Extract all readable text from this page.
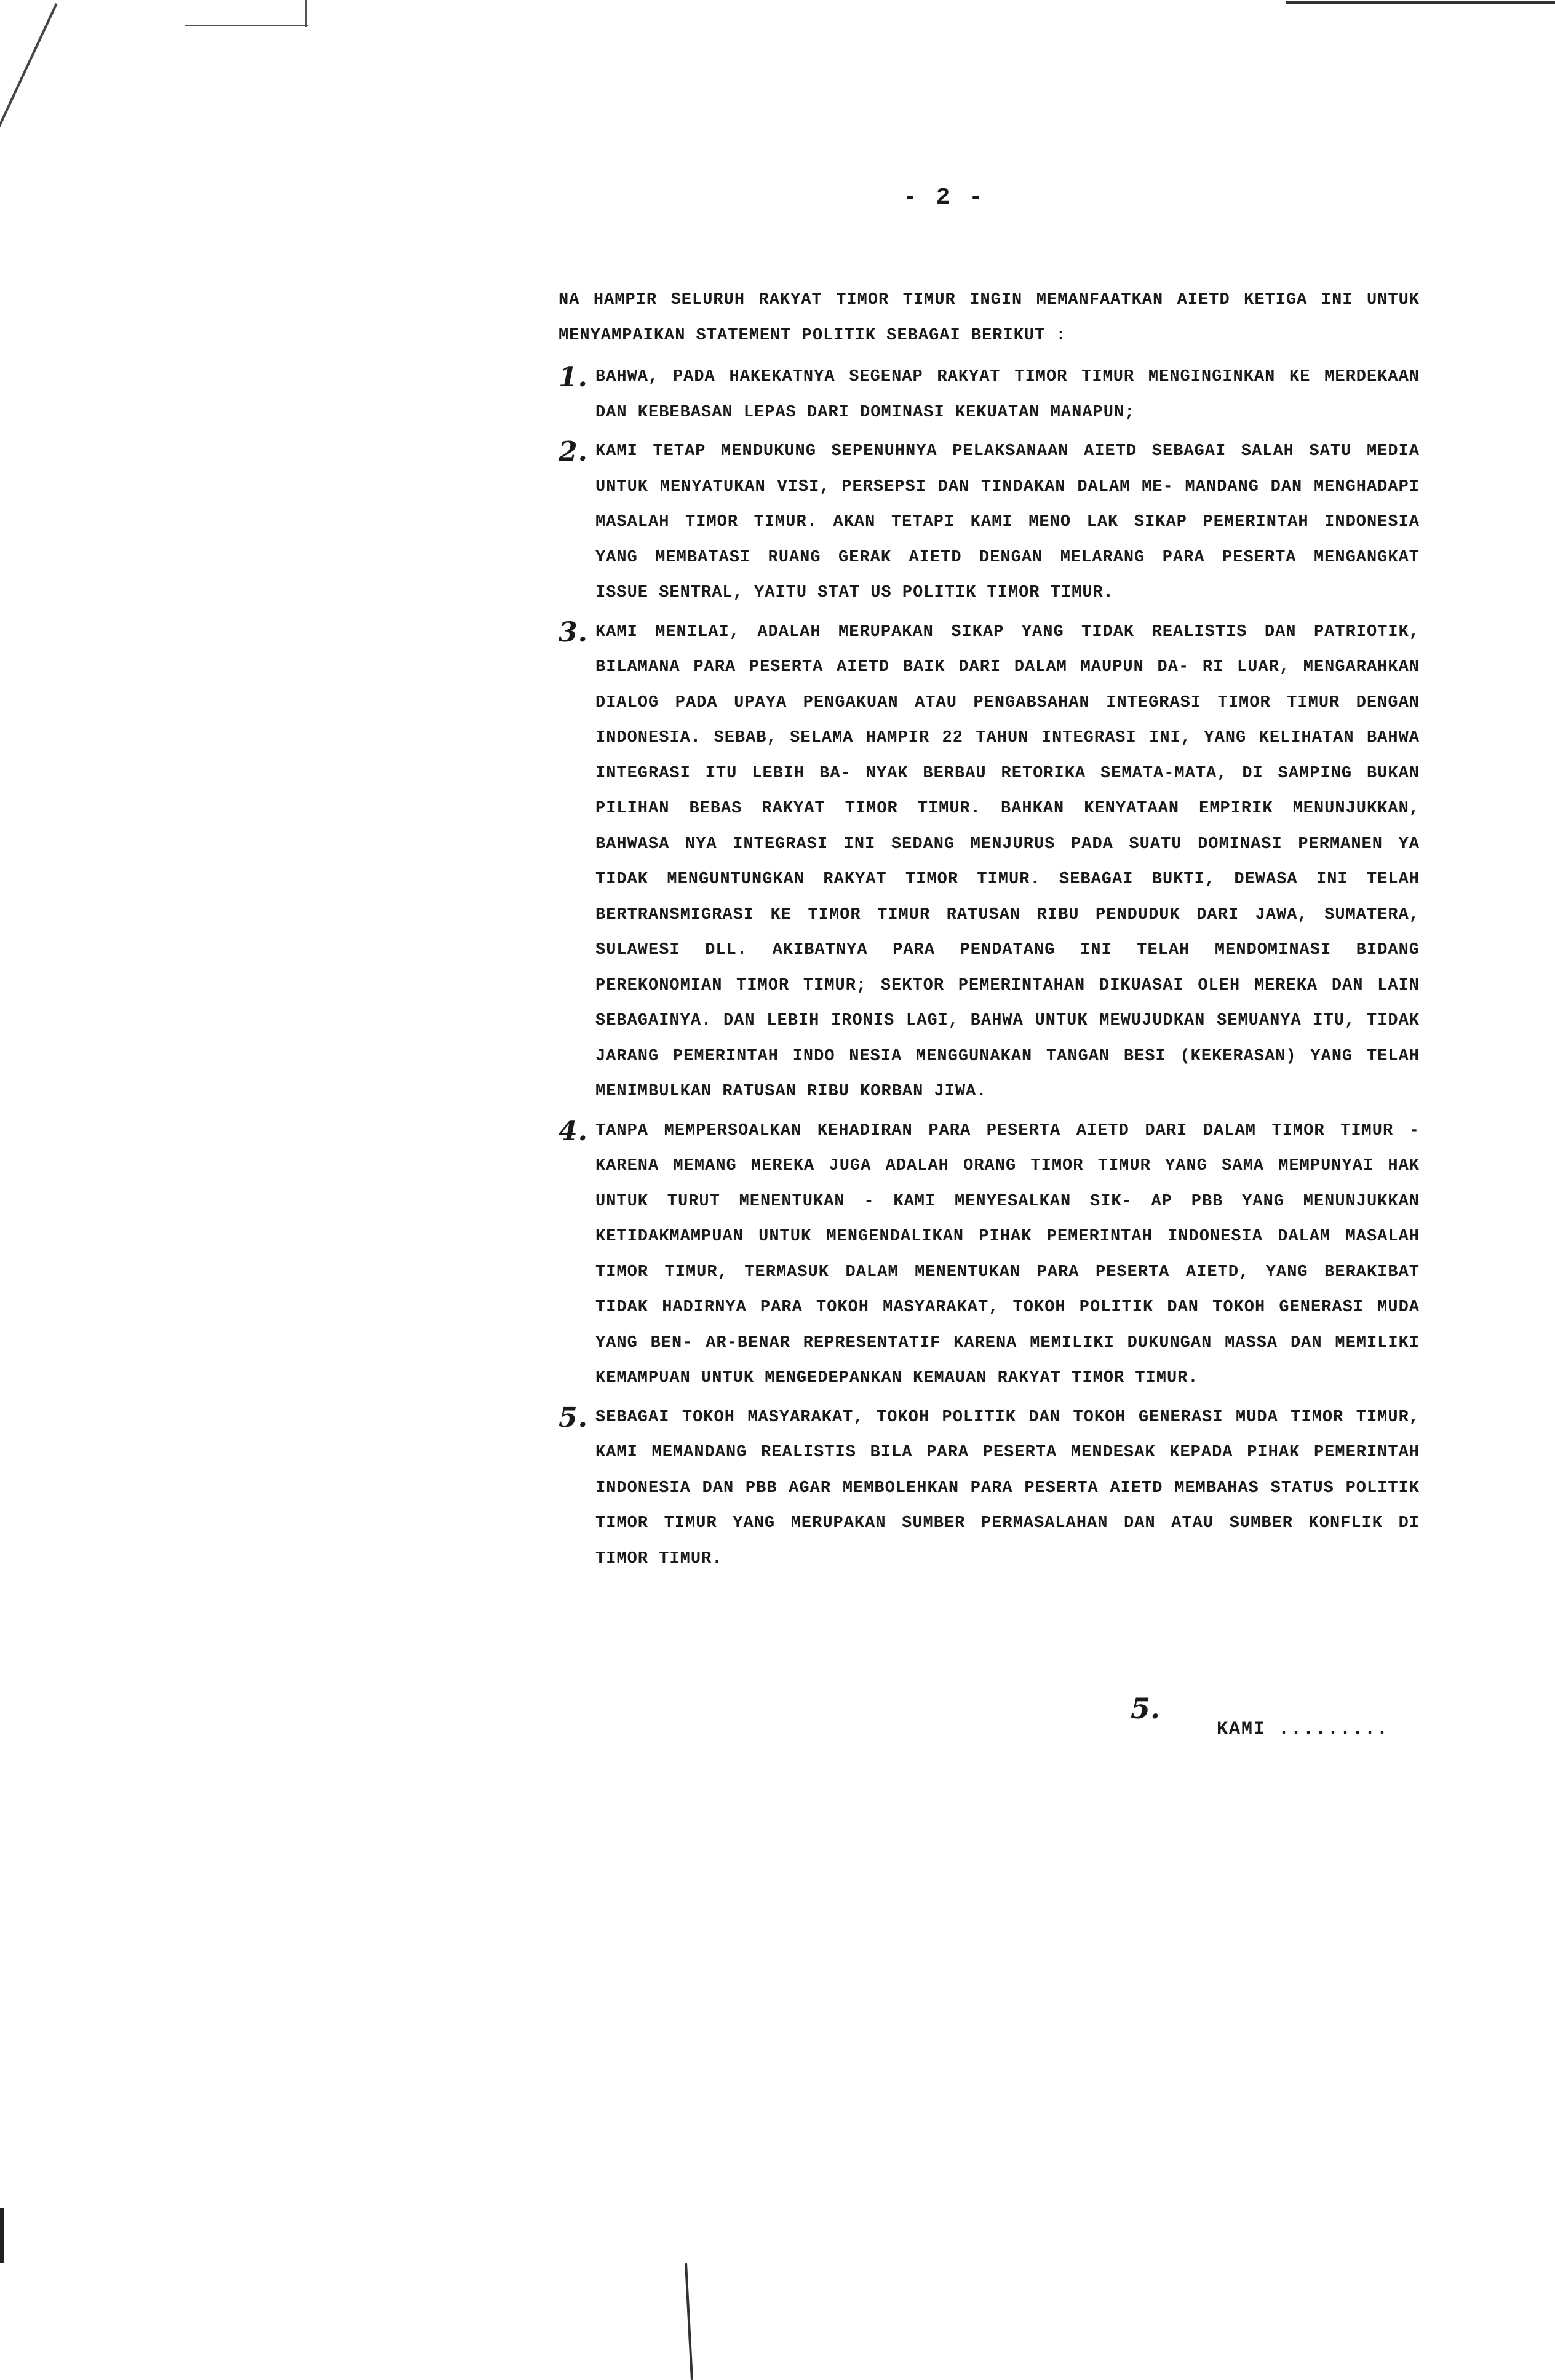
- 2 -

NA HAMPIR SELURUH RAKYAT TIMOR TIMUR INGIN MEMANFAATKAN AIETD KETIGA INI UNTUK MENYAMPAIKAN STATEMENT POLITIK SEBAGAI BERIKUT :

1. BAHWA, PADA HAKEKATNYA SEGENAP RAKYAT TIMOR TIMUR MENGINGINKAN KE MERDEKAAN DAN KEBEBASAN LEPAS DARI DOMINASI KEKUATAN MANAPUN;
2. KAMI TETAP MENDUKUNG SEPENUHNYA PELAKSANAAN AIETD SEBAGAI SALAH SATU MEDIA UNTUK MENYATUKAN VISI, PERSEPSI DAN TINDAKAN DALAM ME- MANDANG DAN MENGHADAPI MASALAH TIMOR TIMUR. AKAN TETAPI KAMI MENO LAK SIKAP PEMERINTAH INDONESIA YANG MEMBATASI RUANG GERAK AIETD DENGAN MELARANG PARA PESERTA MENGANGKAT ISSUE SENTRAL, YAITU STAT US POLITIK TIMOR TIMUR.
3. KAMI MENILAI, ADALAH MERUPAKAN SIKAP YANG TIDAK REALISTIS DAN PATRIOTIK, BILAMANA PARA PESERTA AIETD BAIK DARI DALAM MAUPUN DA- RI LUAR, MENGARAHKAN DIALOG PADA UPAYA PENGAKUAN ATAU PENGABSAHAN INTEGRASI TIMOR TIMUR DENGAN INDONESIA. SEBAB, SELAMA HAMPIR 22 TAHUN INTEGRASI INI, YANG KELIHATAN BAHWA INTEGRASI ITU LEBIH BA- NYAK BERBAU RETORIKA SEMATA-MATA, DI SAMPING BUKAN PILIHAN BEBAS RAKYAT TIMOR TIMUR. BAHKAN KENYATAAN EMPIRIK MENUNJUKKAN, BAHWASA NYA INTEGRASI INI SEDANG MENJURUS PADA SUATU DOMINASI PERMANEN YA TIDAK MENGUNTUNGKAN RAKYAT TIMOR TIMUR. SEBAGAI BUKTI, DEWASA INI TELAH BERTRANSMIGRASI KE TIMOR TIMUR RATUSAN RIBU PENDUDUK DARI JAWA, SUMATERA, SULAWESI DLL. AKIBATNYA PARA PENDATANG INI TELAH MENDOMINASI BIDANG PEREKONOMIAN TIMOR TIMUR; SEKTOR PEMERINTAHAN DIKUASAI OLEH MEREKA DAN LAIN SEBAGAINYA. DAN LEBIH IRONIS LAGI, BAHWA UNTUK MEWUJUDKAN SEMUANYA ITU, TIDAK JARANG PEMERINTAH INDO NESIA MENGGUNAKAN TANGAN BESI (KEKERASAN) YANG TELAH MENIMBULKAN RATUSAN RIBU KORBAN JIWA.
4. TANPA MEMPERSOALKAN KEHADIRAN PARA PESERTA AIETD DARI DALAM TIMOR TIMUR - KARENA MEMANG MEREKA JUGA ADALAH ORANG TIMOR TIMUR YANG SAMA MEMPUNYAI HAK UNTUK TURUT MENENTUKAN - KAMI MENYESALKAN SIK- AP PBB YANG MENUNJUKKAN KETIDAKMAMPUAN UNTUK MENGENDALIKAN PIHAK PEMERINTAH INDONESIA DALAM MASALAH TIMOR TIMUR, TERMASUK DALAM MENENTUKAN PARA PESERTA AIETD, YANG BERAKIBAT TIDAK HADIRNYA PARA TOKOH MASYARAKAT, TOKOH POLITIK DAN TOKOH GENERASI MUDA YANG BEN- AR-BENAR REPRESENTATIF KARENA MEMILIKI DUKUNGAN MASSA DAN MEMILIKI KEMAMPUAN UNTUK MENGEDEPANKAN KEMAUAN RAKYAT TIMOR TIMUR.
5. SEBAGAI TOKOH MASYARAKAT, TOKOH POLITIK DAN TOKOH GENERASI MUDA TIMOR TIMUR, KAMI MEMANDANG REALISTIS BILA PARA PESERTA MENDESAK KEPADA PIHAK PEMERINTAH INDONESIA DAN PBB AGAR MEMBOLEHKAN PARA PESERTA AIETD MEMBAHAS STATUS POLITIK TIMOR TIMUR YANG MERUPAKAN SUMBER PERMASALAHAN DAN ATAU SUMBER KONFLIK DI TIMOR TIMUR.
5.
KAMI .........
